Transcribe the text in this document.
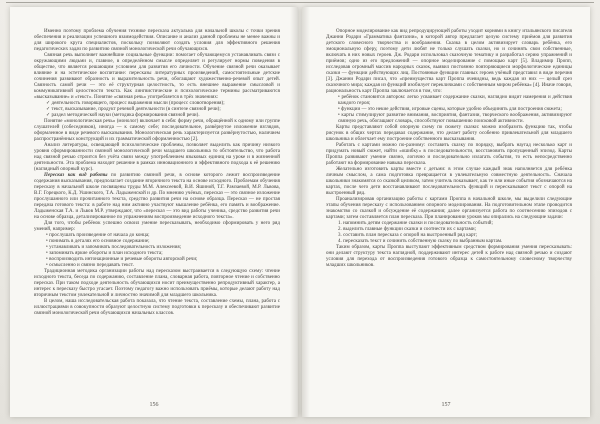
Именно поэтому проблема обучения технике пересказа актуальна для начальной школы с точки зрения обеспечения и реализации успешного взаимодействия. Описание и анализ данной проблемы не менее важны и для широкого круга специалистов, поскольку позволяют создать условия для эффективного решения педагогических задач по развитию связной монологической речи обучающихся.

Связная речь выполняет важнейшие социальные функции: помогает обучающемуся устанавливать связи с окружающими людьми и, главное, в определённом смысле определяет и регулирует нормы поведения в обществе, что является решающим условием для развития его личности. Обучение связной речи оказывает влияние и на эстетическое воспитание: пересказы литературных произведений, самостоятельные детские сочинения развивают образность и выразительность речи, обогащают художественно-речевой опыт детей. Связность самой речи — это её структурная целостность, то есть внешнее выражение смысловой и коммуникативной целостности текста. Как лингвистические и психологические термины рассматриваются «высказывание» и «текст». Понятие «связная речь» употребляется в трёх значениях:

✓ деятельность говорящего, процесс выражения мысли (процесс словотворения);
✓ текст, высказывание, продукт речевой деятельности (в синтезе связной речи);
✓ раздел методической науки (методика формирования связной речи).

Понятие «монологическая речь» (монолог) включает в себя: форму речи, обращённой к одному или группе слушателей (собеседников), иногда — к самому себе; последовательное, развёрнутое изложение взглядов, оформленное в виде речевого высказывания. Монологическая речь характеризуется развёрнутостью, наличием распространённых конструкций и их грамматической оформленностью [2].

Анализ литературы, освещающей психологические проблемы, позволяет выделить как причину низкого уровня сформированности связной монологической речи младшего школьника то обстоятельство, что работа над связной речью строится без учёта связи между употреблением языковых единиц на уроке и в жизненной деятельности. Эта проблема находит решение в рамках инновационного и эффективного подхода к её решению (наглядный опорный курс).

Пересказ как вид работы по развитию связной речи, в основе которого лежит воспроизведение содержания высказывания, предполагает создание вторичного текста на основе исходного. Проблемам обучения пересказу в начальной школе посвящены труды М.М. Алексеевой, В.И. Яшиной, Т.Г. Рамзаевой, М.Р. Львова, В.Г. Горецкого, К.Д. Ушинского, Т.А. Ладыженской и др. По мнению учёных, пересказ — это связное изложение прослушанного или прочитанного текста, средство развития речи на основе образца. Пересказ — не простая передача готового текста: в работе над ним активно участвуют мышление ребёнка, его память и воображение. Ладыженская Т.А. и Львов М.Р. утверждают, что «пересказ — это вид работы ученика, средство развития речи на основе образца, детализированное по упражнениям воспроизведение исходного текста».

Для того, чтобы ребёнок успешно освоил умение пересказывать, необходимо сформировать у него ряд умений, например:

• прослушать произведение от начала до конца;
• понимать в деталях его основное содержание;
• устанавливать и запоминать последовательность изложения;
• запоминать яркие обороты и план исходного текста;
• воспроизводить интонационные и речевые обороты авторской речи;
• осмысленно и связно передавать текст.

Традиционная методика организации работы над пересказом выстраивается в следующую схему: чтение исходного текста, беседа по содержанию, составление плана, словарная работа, повторное чтение и собственно пересказ. При таком подходе деятельность обучающихся носит преимущественно репродуктивный характер, а интерес к пересказу быстро угасает. Поэтому педагогу важно использовать приёмы, которые делают работу над вторичным текстом увлекательной и личностно значимой для младшего школьника.

В целом, наша исследовательская работа показала, что чтение текста, составление схемы, плана, работа с иллюстрациями в совокупности образуют целостную систему подготовки к пересказу и обеспечивают развитие связной монологической речи обучающихся начальных классов.

156

Опорное моделирование как вид репродуцирующей работы уходит корнями в книгу итальянского писателя Джанни Родари «Грамматика фантазии», в которой автор предлагает целую систему приёмов для развития детского словесного творчества и воображения. Сказка в целом активизирует словарь ребёнка, его эмоциональную сферу, поэтому дети любят не только слушать сказки, но и сочинять свои собственные, включать в них новых героев. Дж. Родари использовал сказочную тематику и разработал серию упражнений и приёмов; одно из его предложений — опорное моделирование с помощью карт [5]. Владимир Пропп, исследовав огромный массив народных сказок, выявил постоянно повторяющиеся морфологические единицы сказки — функции действующих лиц. Постоянные функции главных героев учёный представил в виде перечня [3]. Джанни Родари писал, что «преимущества карт Проппа очевидны, ведь каждая из них — целый срез сказочного мира; каждая из функций изобилует перекличками с собственным миром ребёнка» [4]. Иначе говоря, рациональность карт Проппа заключается в том, что:

• ребёнок становится автором: легко усваивает содержание сказки, наглядно видит намерения и действия каждого героя;
• функции — это некие действия, игровые сцены, которые удобно объединять для построения сюжета;
• карты стимулируют развитие внимания, восприятия, фантазии, творческого воображения, активизируют связную речь, обогащают словарь, способствуют повышению поисковой активности.

Карты представляют собой опорную схему по сюжету сказки: можно изобразить функцию так, чтобы рисунок в общих чертах передавал содержание, что делает работу особенно привлекательной для младшего школьника и облегчает ему построение собственного высказывания.

Работать с картами можно по-разному: составить сказку по порядку, выбрать наугад несколько карт и придумать новый сюжет, найти «ошибку» в последовательности, восстановить пропущенный эпизод. Карты Проппа развивают умение связно, логично и последовательно излагать события, то есть непосредственно работают на формирование навыка пересказа.

Желательно изготовить карты вместе с детьми: в этом случае каждый знак наполняется для ребёнка личным смыслом, а сама подготовка превращается в увлекательную совместную деятельность. Сначала школьники знакомятся со сказкой целиком, затем учитель показывает, как те или иные события обозначаются на картах, после чего дети восстанавливают последовательность функций и пересказывают текст с опорой на выстроенный ряд.

Проанализировав организацию работы с картами Проппа в начальной школе, мы выделили следующие этапы обучения пересказу с использованием опорного моделирования. На подготовительном этапе проводится знакомство со сказкой и обсуждение её содержания; далее организуется работа по соотнесению эпизодов с картами; затем составляется план пересказа. При планировании уроков мы опирались на следующие задачи:

1. напомнить детям содержание сказки и последовательность событий;
2. выделить главные функции сказки и соотнести их с картами;
3. составить план пересказа с опорой на выстроенный ряд карт;
4. пересказать текст и сочинить собственную сказку по выбранным картам.

Таким образом, карты Проппа выступают эффективным средством формирования умения пересказывать: они делают структуру текста наглядной, поддерживают интерес детей к работе над связной речью и создают условия для перехода от воспроизведения готового образца к самостоятельному словесному творчеству младших школьников.

157
